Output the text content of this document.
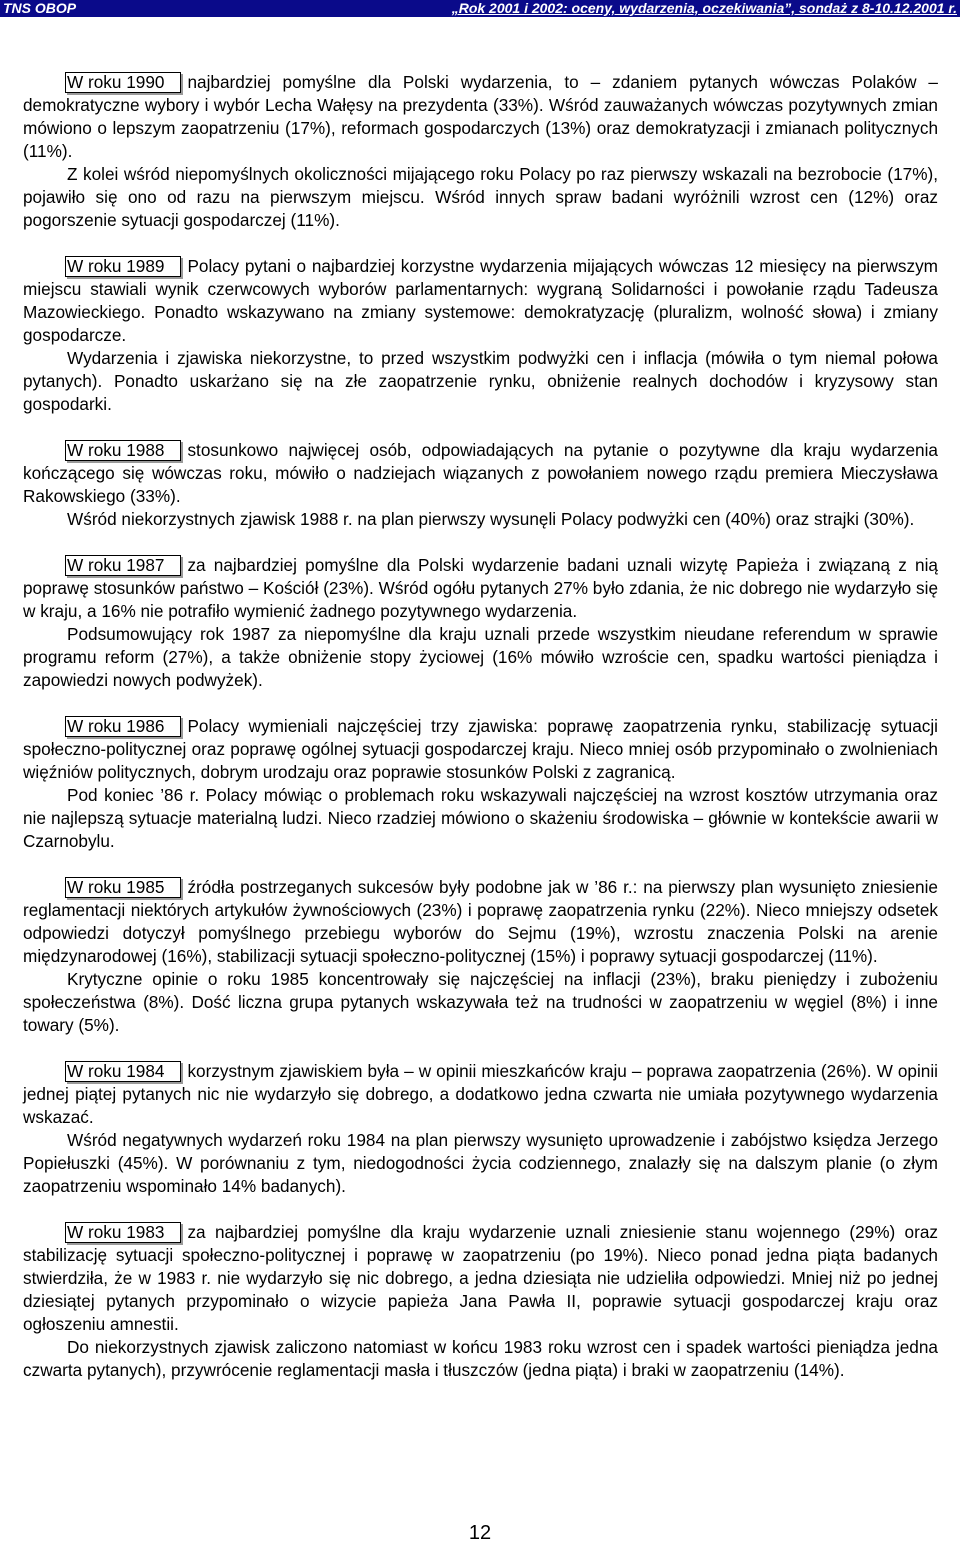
TNS OBOP	„Rok 2001 i 2002: oceny, wydarzenia, oczekiwania”, sondaż z 8-10.12.2001 r.

W roku 1990 najbardziej pomyślne dla Polski wydarzenia, to – zdaniem pytanych wówczas Polaków – demokratyczne wybory i wybór Lecha Wałęsy na prezydenta (33%). Wśród zauważanych wówczas pozytywnych zmian mówiono o lepszym zaopatrzeniu (17%), reformach gospodarczych (13%) oraz demokratyzacji i zmianach politycznych (11%).

Z kolei wśród niepomyślnych okoliczności mijającego roku Polacy po raz pierwszy wskazali na bezrobocie (17%), pojawiło się ono od razu na pierwszym miejscu. Wśród innych spraw badani wyróżnili wzrost cen (12%) oraz pogorszenie sytuacji gospodarczej (11%).

W roku 1989 Polacy pytani o najbardziej korzystne wydarzenia mijających wówczas 12 miesięcy na pierwszym miejscu stawiali wynik czerwcowych wyborów parlamentarnych: wygraną Solidarności i powołanie rządu Tadeusza Mazowieckiego. Ponadto wskazywano na zmiany systemowe: demokratyzację (pluralizm, wolność słowa) i zmiany gospodarcze.

Wydarzenia i zjawiska niekorzystne, to przed wszystkim podwyżki cen i inflacja (mówiła o tym niemal połowa pytanych). Ponadto uskarżano się na złe zaopatrzenie rynku, obniżenie realnych dochodów i kryzysowy stan gospodarki.

W roku 1988 stosunkowo najwięcej osób, odpowiadających na pytanie o pozytywne dla kraju wydarzenia kończącego się wówczas roku, mówiło o nadziejach wiązanych z powołaniem nowego rządu premiera Mieczysława Rakowskiego (33%).

Wśród niekorzystnych zjawisk 1988 r. na plan pierwszy wysunęli Polacy podwyżki cen (40%) oraz strajki (30%).

W roku 1987 za najbardziej pomyślne dla Polski wydarzenie badani uznali wizytę Papieża i związaną z nią poprawę stosunków państwo – Kościół (23%). Wśród ogółu pytanych 27% było zdania, że nic dobrego nie wydarzyło się w kraju, a 16% nie potrafiło wymienić żadnego pozytywnego wydarzenia.

Podsumowujący rok 1987 za niepomyślne dla kraju uznali przede wszystkim nieudane referendum w sprawie programu reform (27%), a także obniżenie stopy życiowej (16% mówiło wzroście cen, spadku wartości pieniądza i zapowiedzi nowych podwyżek).

W roku 1986 Polacy wymieniali najczęściej trzy zjawiska: poprawę zaopatrzenia rynku, stabilizację sytuacji społeczno-politycznej oraz poprawę ogólnej sytuacji gospodarczej kraju. Nieco mniej osób przypominało o zwolnieniach więźniów politycznych, dobrym urodzaju oraz poprawie stosunków Polski z zagranicą.

Pod koniec ’86 r. Polacy mówiąc o problemach roku wskazywali najczęściej na wzrost kosztów utrzymania oraz nie najlepszą sytuacje materialną ludzi. Nieco rzadziej mówiono o skażeniu środowiska – głównie w kontekście awarii w Czarnobylu.

W roku 1985 źródła postrzeganych sukcesów były podobne jak w ’86 r.: na pierwszy plan wysunięto zniesienie reglamentacji niektórych artykułów żywnościowych (23%) i poprawę zaopatrzenia rynku (22%). Nieco mniejszy odsetek odpowiedzi dotyczył pomyślnego przebiegu wyborów do Sejmu (19%), wzrostu znaczenia Polski na arenie międzynarodowej (16%), stabilizacji sytuacji społeczno-politycznej (15%) i poprawy sytuacji gospodarczej (11%).

Krytyczne opinie o roku 1985 koncentrowały się najczęściej na inflacji (23%), braku pieniędzy i zubożeniu społeczeństwa (8%). Dość liczna grupa pytanych wskazywała też na trudności w zaopatrzeniu w węgiel (8%) i inne towary (5%).

W roku 1984 korzystnym zjawiskiem była – w opinii mieszkańców kraju – poprawa zaopatrzenia (26%). W opinii jednej piątej pytanych nic nie wydarzyło się dobrego, a dodatkowo jedna czwarta nie umiała pozytywnego wydarzenia wskazać.

Wśród negatywnych wydarzeń roku 1984 na plan pierwszy wysunięto uprowadzenie i zabójstwo księdza Jerzego Popiełuszki (45%). W porównaniu z tym, niedogodności życia codziennego, znalazły się na dalszym planie (o złym zaopatrzeniu wspominało 14% badanych).

W roku 1983 za najbardziej pomyślne dla kraju wydarzenie uznali zniesienie stanu wojennego (29%) oraz stabilizację sytuacji społeczno-politycznej i poprawę w zaopatrzeniu (po 19%). Nieco ponad jedna piąta badanych stwierdziła, że w 1983 r. nie wydarzyło się nic dobrego, a jedna dziesiąta nie udzieliła odpowiedzi. Mniej niż po jednej dziesiątej pytanych przypominało o wizycie papieża Jana Pawła II, poprawie sytuacji gospodarczej kraju oraz ogłoszeniu amnestii.

Do niekorzystnych zjawisk zaliczono natomiast w końcu 1983 roku wzrost cen i spadek wartości pieniądza jedna czwarta pytanych), przywrócenie reglamentacji masła i tłuszczów (jedna piąta) i braki w zaopatrzeniu (14%).

12
